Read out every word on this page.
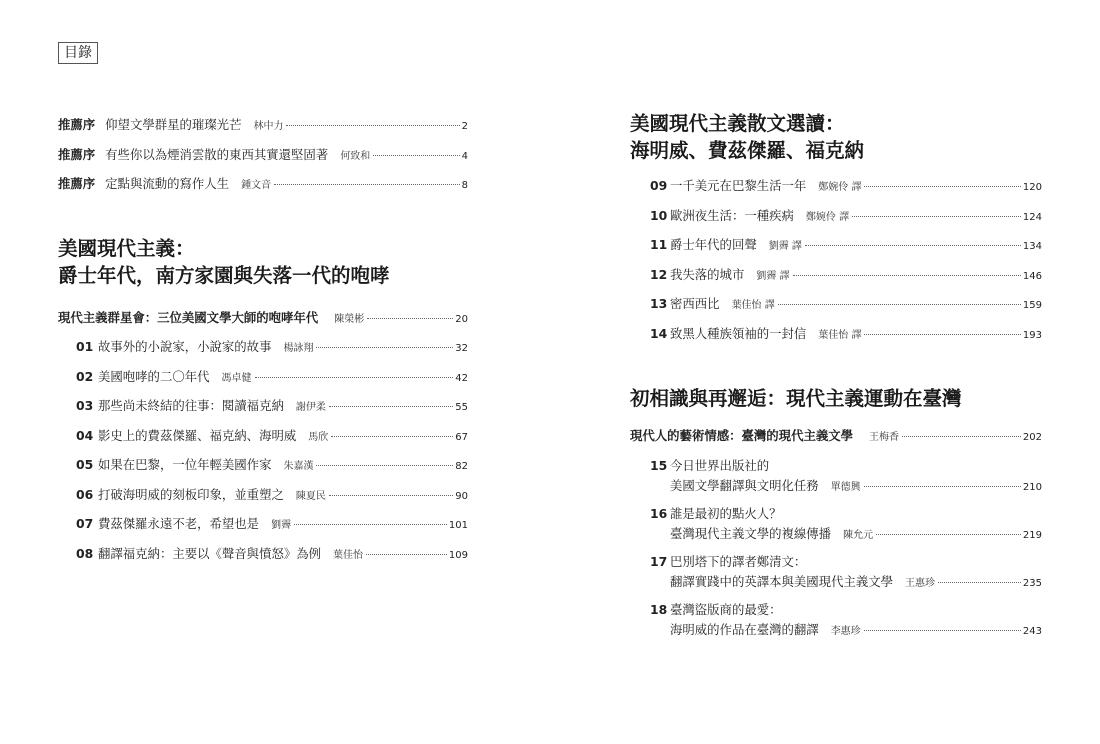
目錄
推薦序 仰望文學群星的璀璨光芒 林中力	2
推薦序 有些你以為煙消雲散的東西其實還堅固著 何致和	4
推薦序 定點與流動的寫作人生 鍾文音	8
美國現代主義：
爵士年代，南方家園與失落一代的咆哮
現代主義群星會：三位美國文學大師的咆哮年代 陳榮彬	20
01 故事外的小說家，小說家的故事 楊詠翔	32
02 美國咆哮的二〇年代 馮卓健	42
03 那些尚未終結的往事：閱讀福克納 謝伊柔	55
04 影史上的費茲傑羅、福克納、海明威 馬欣	67
05 如果在巴黎，一位年輕美國作家 朱嘉漢	82
06 打破海明威的刻板印象，並重塑之 陳夏民	90
07 費茲傑羅永遠不老，希望也是 劉霽	101
08 翻譯福克納：主要以《聲音與憤怒》為例 葉佳怡	109
美國現代主義散文選讀：
海明威、費茲傑羅、福克納
09 一千美元在巴黎生活一年 鄭婉伶 譯	120
10 歐洲夜生活：一種疾病 鄭婉伶 譯	124
11 爵士年代的回聲 劉霽 譯	134
12 我失落的城市 劉霽 譯	146
13 密西西比 葉佳怡 譯	159
14 致黑人種族領袖的一封信 葉佳怡 譯	193
初相識與再邂逅：現代主義運動在臺灣
現代人的藝術情感：臺灣的現代主義文學 王梅香	202
15 今日世界出版社的
美國文學翻譯與文明化任務 單德興	210
16 誰是最初的點火人？
臺灣現代主義文學的複線傳播 陳允元	219
17 巴別塔下的譯者鄭清文：
翻譯實踐中的英譯本與美國現代主義文學 王惠珍	235
18 臺灣盜版商的最愛：
海明威的作品在臺灣的翻譯 李惠珍	243
